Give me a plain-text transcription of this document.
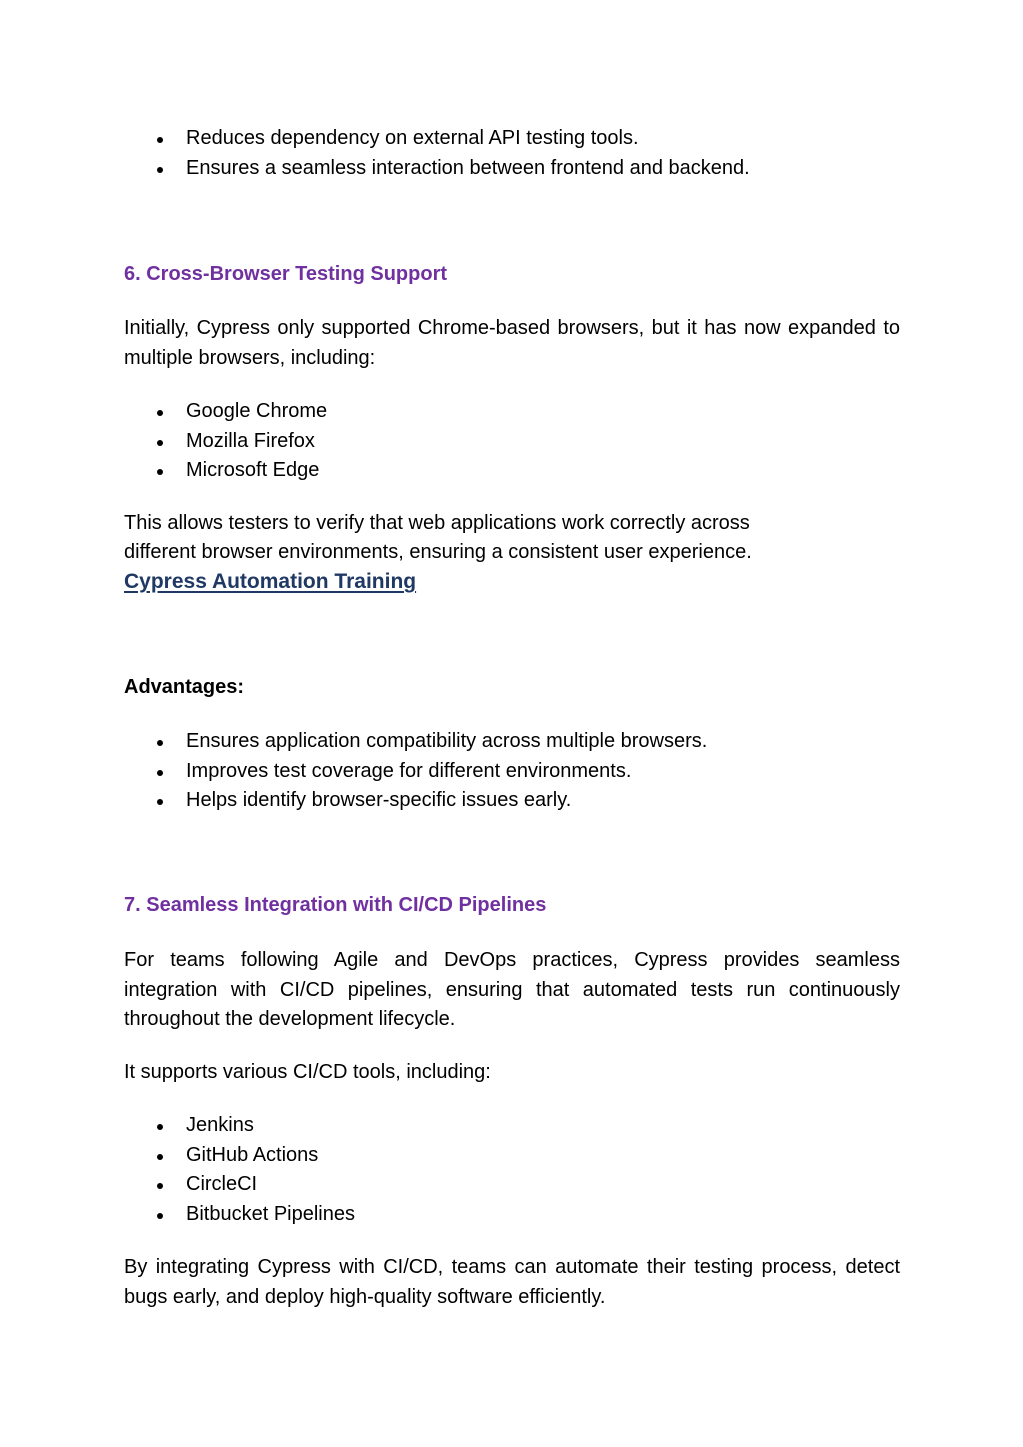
Reduces dependency on external API testing tools.
Ensures a seamless interaction between frontend and backend.
6. Cross-Browser Testing Support

Initially, Cypress only supported Chrome-based browsers, but it has now expanded to multiple browsers, including:

Google Chrome
Mozilla Firefox
Microsoft Edge

This allows testers to verify that web applications work correctly across

different browser environments, ensuring a consistent user experience.

Cypress Automation Training
Advantages:
Ensures application compatibility across multiple browsers.
Improves test coverage for different environments.
Helps identify browser-specific issues early.
7. Seamless Integration with CI/CD Pipelines

For teams following Agile and DevOps practices, Cypress provides seamless integration with CI/CD pipelines, ensuring that automated tests run continuously throughout the development lifecycle.

It supports various CI/CD tools, including:

Jenkins
GitHub Actions
CircleCI
Bitbucket Pipelines

By integrating Cypress with CI/CD, teams can automate their testing process, detect bugs early, and deploy high-quality software efficiently.
